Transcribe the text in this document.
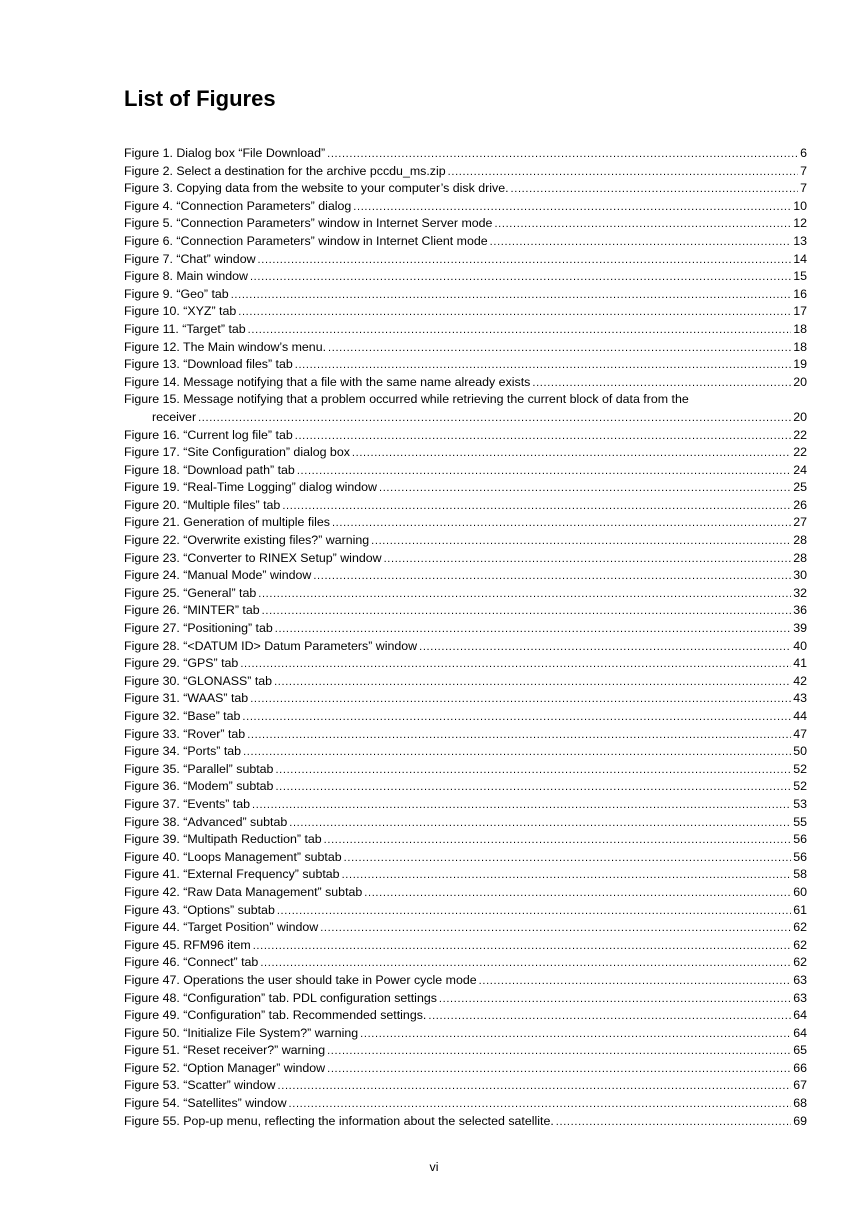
List of Figures
Figure 1. Dialog box “File Download” . . .	6
Figure 2. Select a destination for the archive pccdu_ms.zip . . .	7
Figure 3. Copying data from the website to your computer’s disk drive. . . .	7
Figure 4. “Connection Parameters” dialog . . .	10
Figure 5. “Connection Parameters” window in Internet Server mode . . .	12
Figure 6. “Connection Parameters” window in Internet Client mode . . .	13
Figure 7. “Chat” window . . .	14
Figure 8. Main window . . .	15
Figure 9. “Geo” tab . . .	16
Figure 10. “XYZ” tab . . .	17
Figure 11. “Target” tab . . .	18
Figure 12. The Main window’s menu. . . .	18
Figure 13. “Download files” tab . . .	19
Figure 14. Message notifying that a file with the same name already exists . . .	20
Figure 15. Message notifying that a problem occurred while retrieving the current block of data from the
receiver . . .	20
Figure 16. “Current log file” tab . . .	22
Figure 17. “Site Configuration” dialog box . . .	22
Figure 18. “Download path” tab . . .	24
Figure 19. “Real-Time Logging” dialog window . . .	25
Figure 20. “Multiple files” tab . . .	26
Figure 21. Generation of multiple files . . .	27
Figure 22. “Overwrite existing files?” warning . . .	28
Figure 23. “Converter to RINEX Setup” window . . .	28
Figure 24. “Manual Mode” window . . .	30
Figure 25. “General” tab . . .	32
Figure 26. “MINTER” tab . . .	36
Figure 27. “Positioning” tab . . .	39
Figure 28. “<DATUM ID> Datum Parameters” window . . .	40
Figure 29. “GPS” tab . . .	41
Figure 30. “GLONASS” tab . . .	42
Figure 31. “WAAS” tab . . .	43
Figure 32. “Base” tab . . .	44
Figure 33. “Rover” tab . . .	47
Figure 34. “Ports” tab . . .	50
Figure 35. “Parallel” subtab . . .	52
Figure 36. “Modem” subtab . . .	52
Figure 37. “Events” tab . . .	53
Figure 38. “Advanced” subtab . . .	55
Figure 39. “Multipath Reduction” tab . . .	56
Figure 40. “Loops Management” subtab . . .	56
Figure 41. “External Frequency” subtab . . .	58
Figure 42. “Raw Data Management” subtab . . .	60
Figure 43. “Options” subtab . . .	61
Figure 44. “Target Position” window . . .	62
Figure 45. RFM96 item . . .	62
Figure 46. “Connect” tab . . .	62
Figure 47. Operations the user should take in Power cycle mode . . .	63
Figure 48. “Configuration” tab. PDL configuration settings . . .	63
Figure 49. “Configuration” tab. Recommended settings. . . .	64
Figure 50. “Initialize File System?” warning . . .	64
Figure 51. “Reset receiver?” warning . . .	65
Figure 52. “Option Manager” window . . .	66
Figure 53. “Scatter” window . . .	67
Figure 54. “Satellites” window . . .	68
Figure 55. Pop-up menu, reflecting the information about the selected satellite. . . .	69
vi
